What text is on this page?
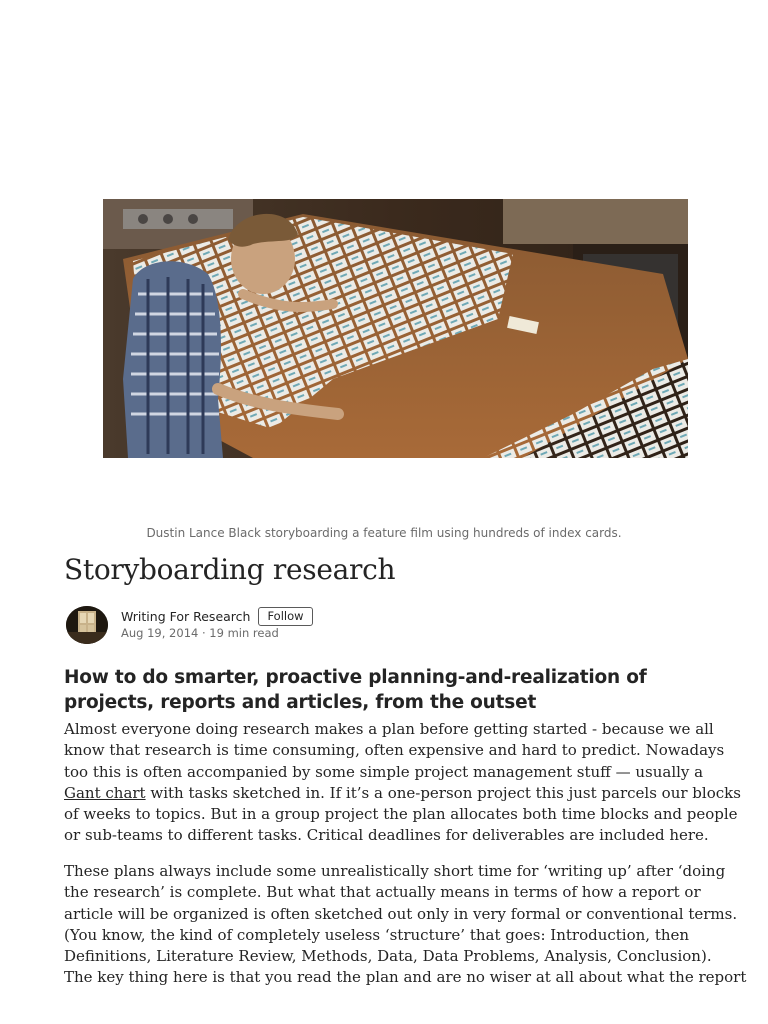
Dustin Lance Black storyboarding a feature film using hundreds of index cards.
Storyboarding research
Writing For Research	Follow
Aug 19, 2014 · 19 min read
How to do smarter, proactive planning-and-realization of projects, reports and articles, from the outset

Almost everyone doing research makes a plan before getting started - because we all
know that research is time consuming, often expensive and hard to predict. Nowadays
too this is often accompanied by some simple project management stuff — usually a
Gant chart with tasks sketched in. If it’s a one-person project this just parcels our blocks
of weeks to topics. But in a group project the plan allocates both time blocks and people
or sub-teams to different tasks. Critical deadlines for deliverables are included here.

These plans always include some unrealistically short time for ‘writing up’ after ‘doing
the research’ is complete. But what that actually means in terms of how a report or
article will be organized is often sketched out only in very formal or conventional terms.
(You know, the kind of completely useless ‘structure’ that goes: Introduction, then
Definitions, Literature Review, Methods, Data, Data Problems, Analysis, Conclusion).
The key thing here is that you read the plan and are no wiser at all about what the report
